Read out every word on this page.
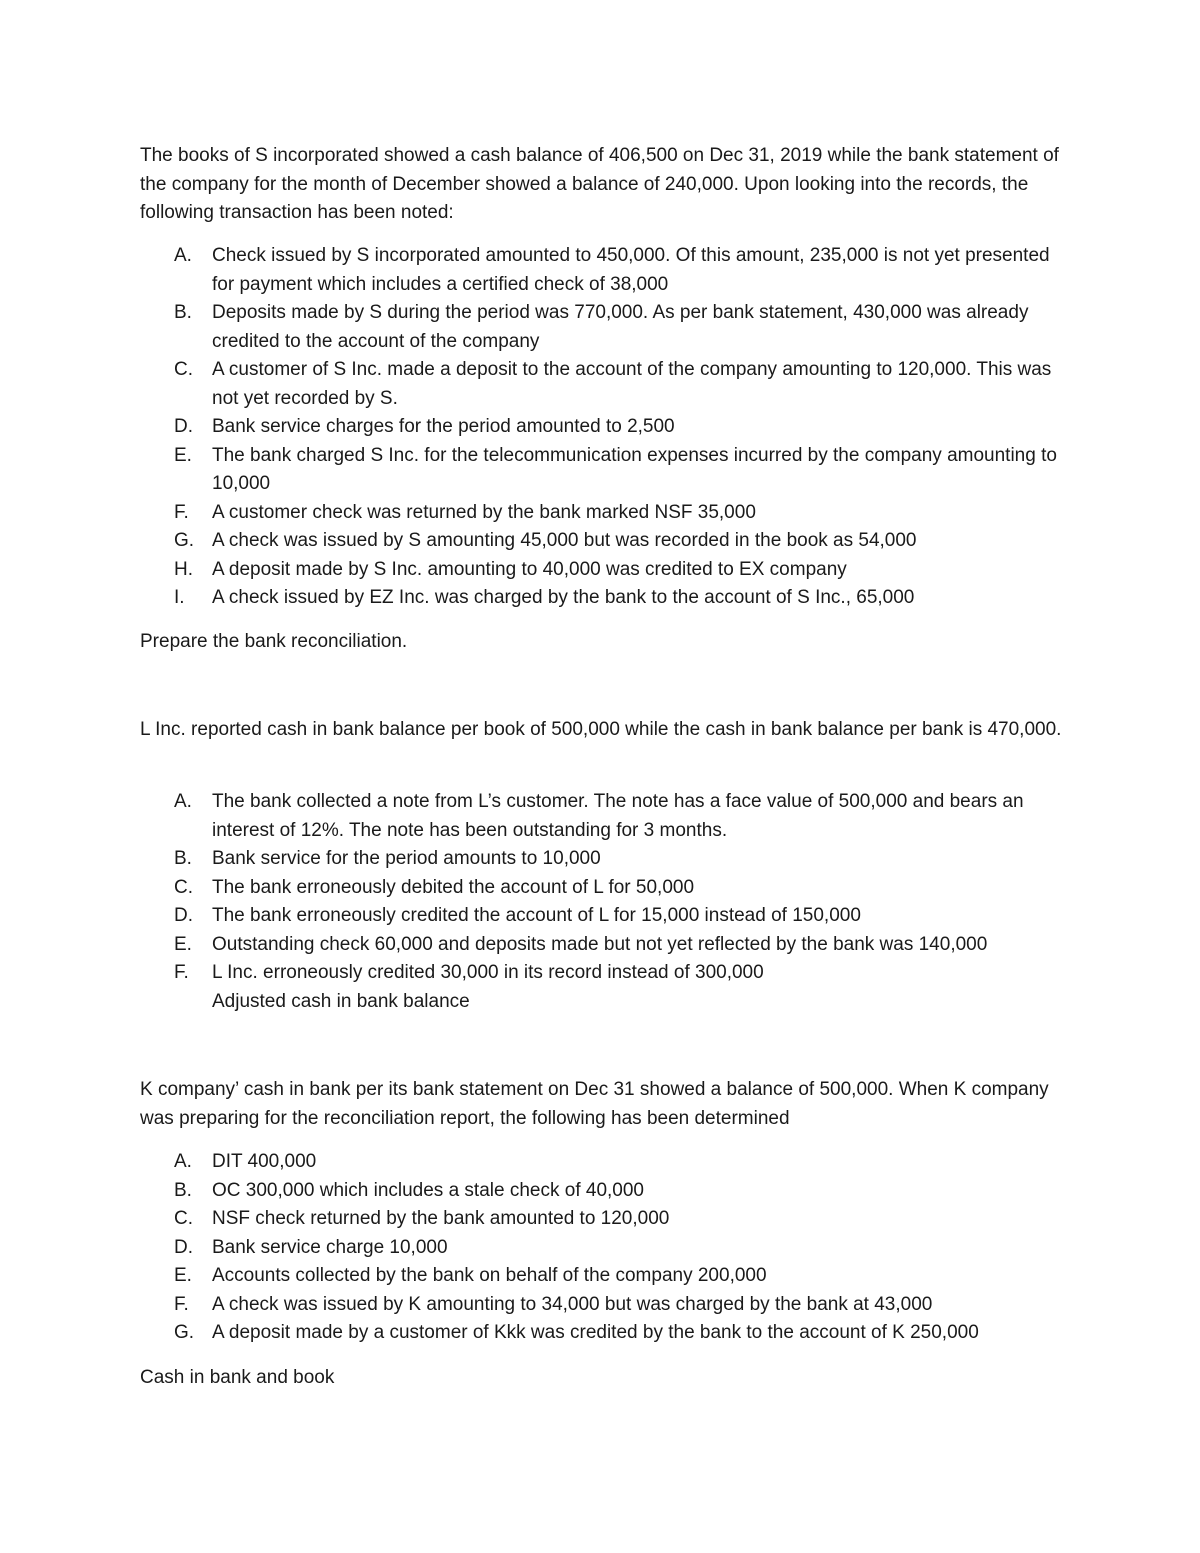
The books of S incorporated showed a cash balance of 406,500 on Dec 31, 2019 while the bank statement of the company for the month of December showed a balance of 240,000. Upon looking into the records, the following transaction has been noted:

A.	Check issued by S incorporated amounted to 450,000. Of this amount, 235,000 is not yet presented for payment which includes a certified check of 38,000
B.	Deposits made by S during the period was 770,000. As per bank statement, 430,000 was already credited to the account of the company
C.	A customer of S Inc. made a deposit to the account of the company amounting to 120,000. This was not yet recorded by S.
D.	Bank service charges for the period amounted to 2,500
E.	The bank charged S Inc. for the telecommunication expenses incurred by the company amounting to 10,000
F.	A customer check was returned by the bank marked NSF 35,000
G. A check was issued by S amounting 45,000 but was recorded in the book as 54,000
H.	A deposit made by S Inc. amounting to 40,000 was credited to EX company
I.	A check issued by EZ Inc. was charged by the bank to the account of S Inc., 65,000

Prepare the bank reconciliation.

L Inc. reported cash in bank balance per book of 500,000 while the cash in bank balance per bank is 470,000.

A.	The bank collected a note from L’s customer. The note has a face value of 500,000 and bears an interest of 12%. The note has been outstanding for 3 months.
B.	Bank service for the period amounts to 10,000
C.	The bank erroneously debited the account of L for 50,000
D.	The bank erroneously credited the account of L for 15,000 instead of 150,000
E.	Outstanding check 60,000 and deposits made but not yet reflected by the bank was 140,000
F.	L Inc. erroneously credited 30,000 in its record instead of 300,000
Adjusted cash in bank balance

K company’ cash in bank per its bank statement on Dec 31 showed a balance of 500,000. When K company was preparing for the reconciliation report, the following has been determined

A.	DIT 400,000
B.	OC 300,000 which includes a stale check of 40,000
C.	NSF check returned by the bank amounted to 120,000
D.	Bank service charge 10,000
E.	Accounts collected by the bank on behalf of the company 200,000
F.	A check was issued by K amounting to 34,000 but was charged by the bank at 43,000
G. A deposit made by a customer of Kkk was credited by the bank to the account of K 250,000

Cash in bank and book
